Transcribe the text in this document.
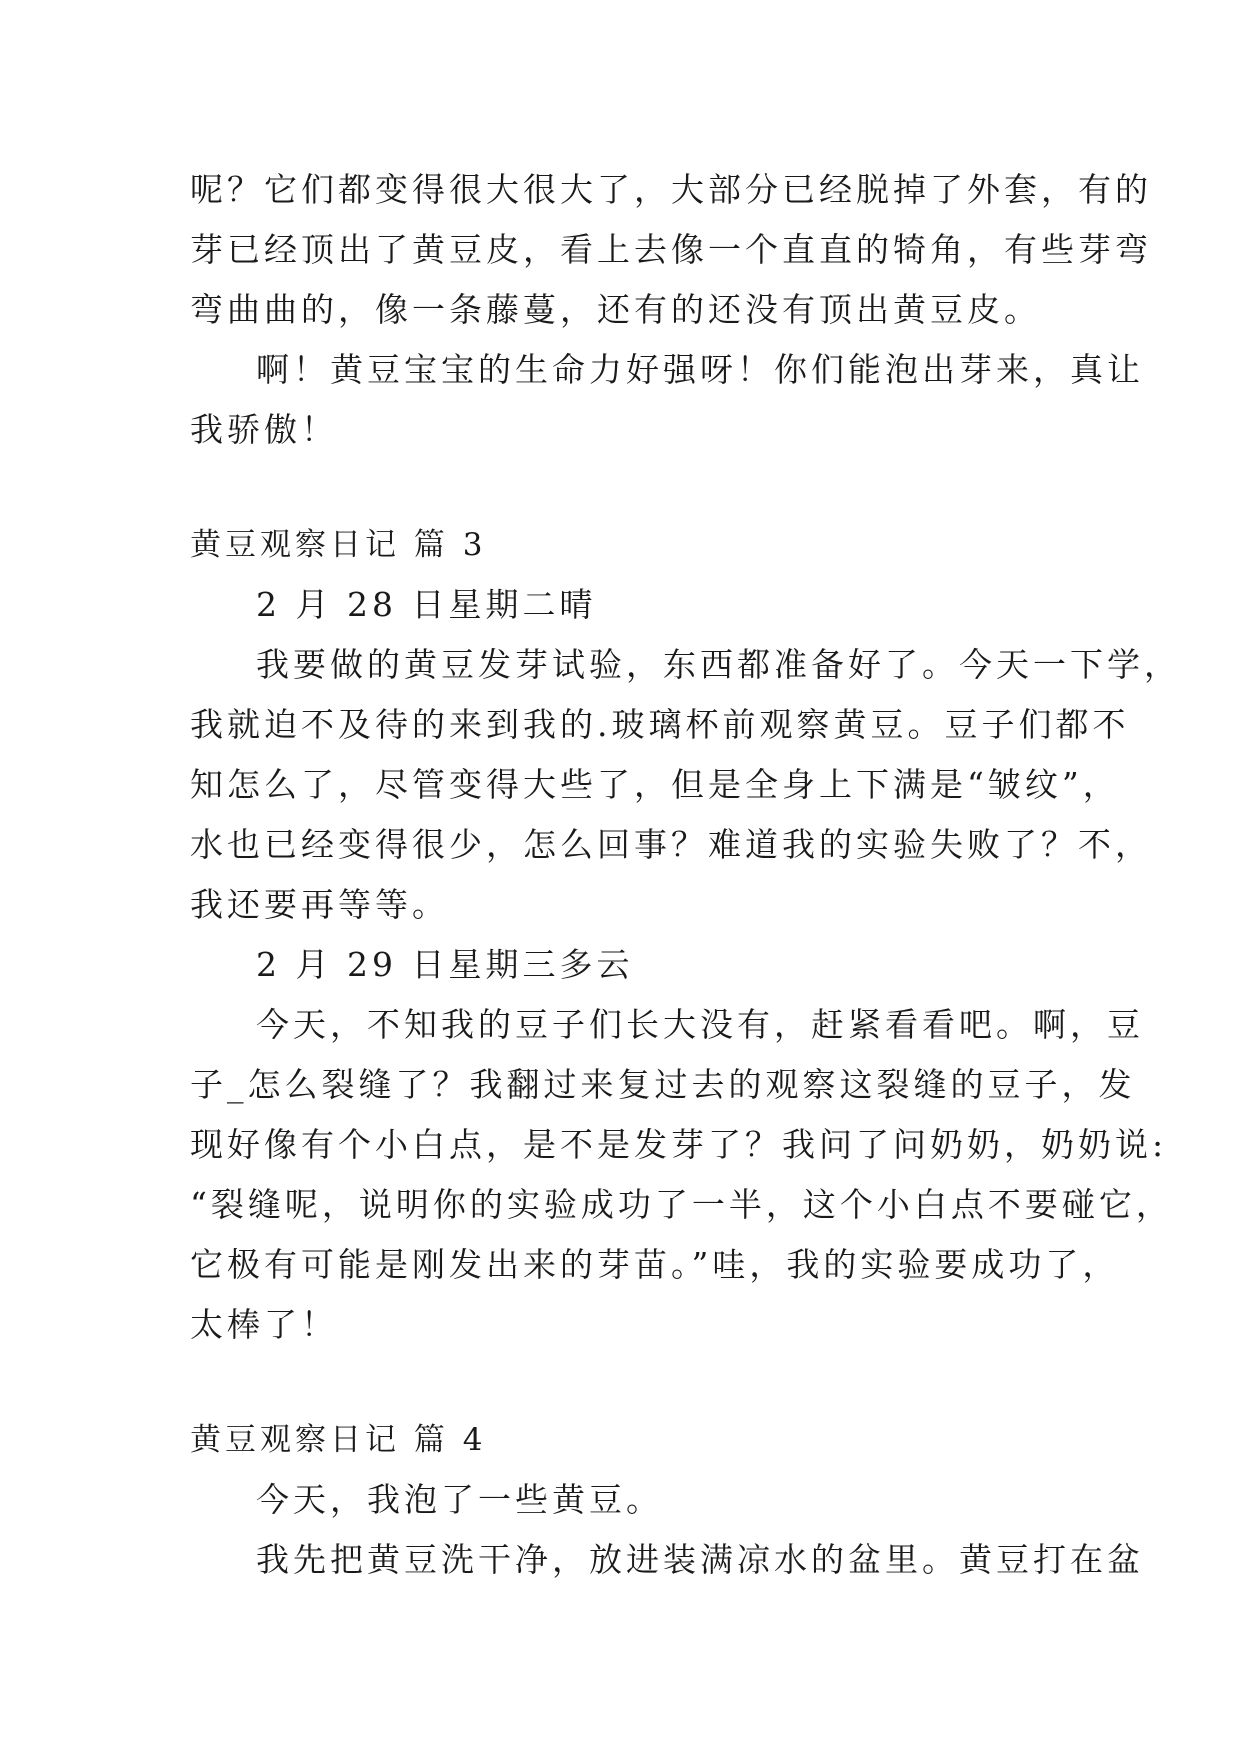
呢？它们都变得很大很大了，大部分已经脱掉了外套，有的
芽已经顶出了黄豆皮，看上去像一个直直的犄角，有些芽弯
弯曲曲的，像一条藤蔓，还有的还没有顶出黄豆皮。
啊！黄豆宝宝的生命力好强呀！你们能泡出芽来，真让
我骄傲！
黄豆观察日记 篇 3
2 月 28 日星期二晴
我要做的黄豆发芽试验，东西都准备好了。今天一下学，
我就迫不及待的来到我的.玻璃杯前观察黄豆。豆子们都不
知怎么了，尽管变得大些了，但是全身上下满是“皱纹”，
水也已经变得很少，怎么回事？难道我的实验失败了？不，
我还要再等等。
2 月 29 日星期三多云
今天，不知我的豆子们长大没有，赶紧看看吧。啊，豆
子_怎么裂缝了？我翻过来复过去的观察这裂缝的豆子，发
现好像有个小白点，是不是发芽了？我问了问奶奶，奶奶说:
“裂缝呢，说明你的实验成功了一半，这个小白点不要碰它，
它极有可能是刚发出来的芽苗。”哇，我的实验要成功了，
太棒了！
黄豆观察日记 篇 4
今天，我泡了一些黄豆。
我先把黄豆洗干净，放进装满凉水的盆里。黄豆打在盆
